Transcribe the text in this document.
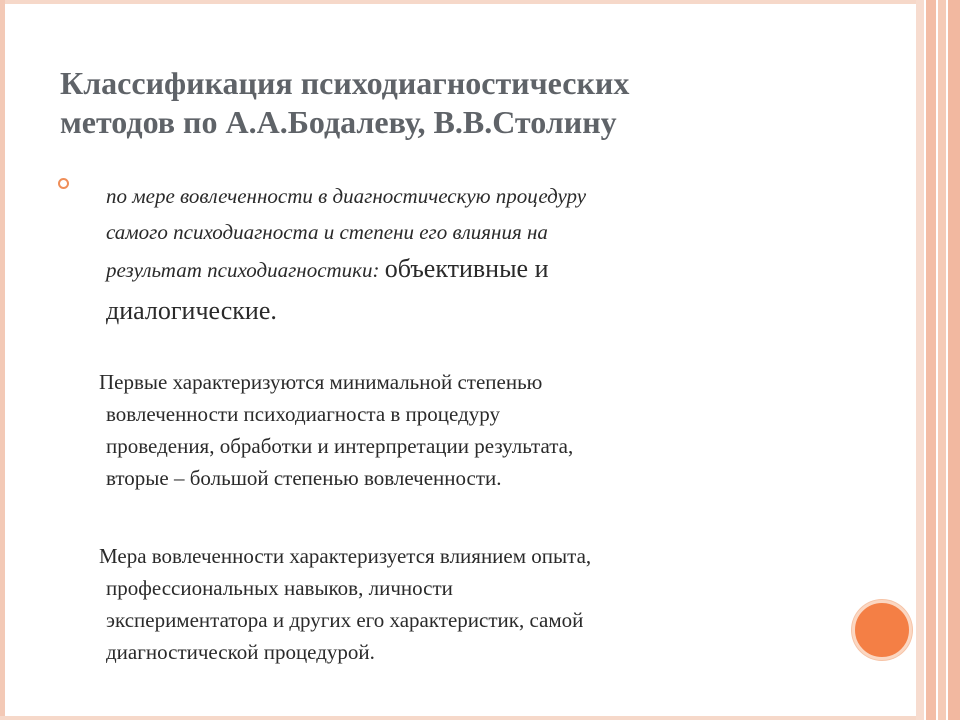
Классификация психодиагностических
методов по А.А.Бодалеву, В.В.Столину
по мере вовлеченности в диагностическую процедуру
самого психодиагноста и степени его влияния на
результат психодиагностики: объективные и
диалогические.
Первые характеризуются минимальной степенью
вовлеченности психодиагноста в процедуру
проведения, обработки и интерпретации результата,
вторые – большой степенью вовлеченности.
Мера вовлеченности характеризуется влиянием опыта,
профессиональных навыков, личности
экспериментатора и других его характеристик, самой
диагностической процедурой.
